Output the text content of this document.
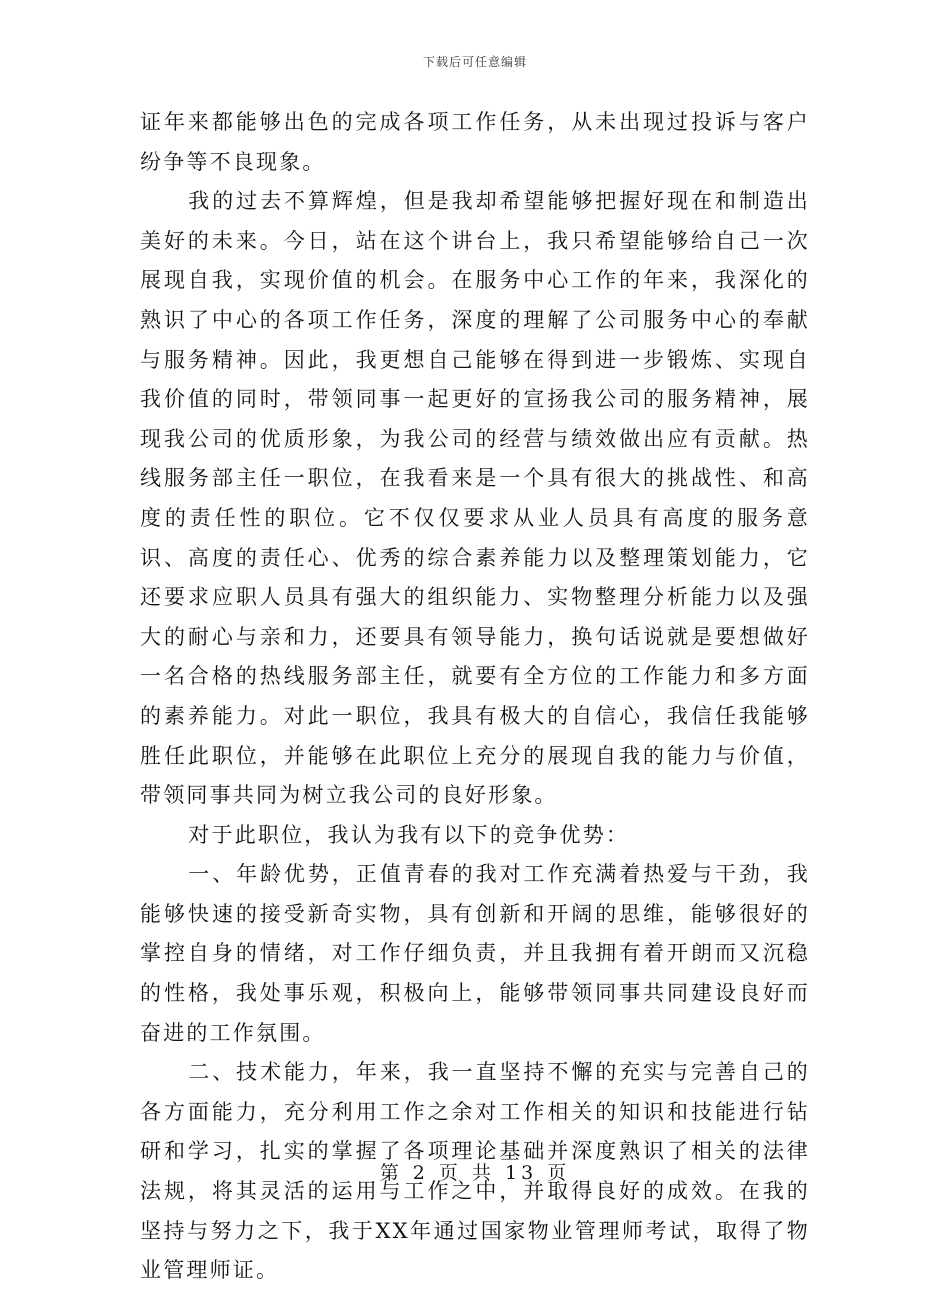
下载后可任意编辑

证年来都能够出色的完成各项工作任务，从未出现过投诉与客户纷争等不良现象。

我的过去不算辉煌，但是我却希望能够把握好现在和制造出美好的未来。今日，站在这个讲台上，我只希望能够给自己一次展现自我，实现价值的机会。在服务中心工作的年来，我深化的熟识了中心的各项工作任务，深度的理解了公司服务中心的奉献与服务精神。因此，我更想自己能够在得到进一步锻炼、实现自我价值的同时，带领同事一起更好的宣扬我公司的服务精神，展现我公司的优质形象，为我公司的经营与绩效做出应有贡献。热线服务部主任一职位，在我看来是一个具有很大的挑战性、和高度的责任性的职位。它不仅仅要求从业人员具有高度的服务意识、高度的责任心、优秀的综合素养能力以及整理策划能力，它还要求应职人员具有强大的组织能力、实物整理分析能力以及强大的耐心与亲和力，还要具有领导能力，换句话说就是要想做好一名合格的热线服务部主任，就要有全方位的工作能力和多方面的素养能力。对此一职位，我具有极大的自信心，我信任我能够胜任此职位，并能够在此职位上充分的展现自我的能力与价值，带领同事共同为树立我公司的良好形象。

对于此职位，我认为我有以下的竞争优势：

一、年龄优势，正值青春的我对工作充满着热爱与干劲，我能够快速的接受新奇实物，具有创新和开阔的思维，能够很好的掌控自身的情绪，对工作仔细负责，并且我拥有着开朗而又沉稳的性格，我处事乐观，积极向上，能够带领同事共同建设良好而奋进的工作氛围。

二、技术能力，年来，我一直坚持不懈的充实与完善自己的各方面能力，充分利用工作之余对工作相关的知识和技能进行钻研和学习，扎实的掌握了各项理论基础并深度熟识了相关的法律法规，将其灵活的运用与工作之中，并取得良好的成效。在我的坚持与努力之下，我于XX年通过国家物业管理师考试，取得了物业管理师证。

第 2 页 共 13 页
